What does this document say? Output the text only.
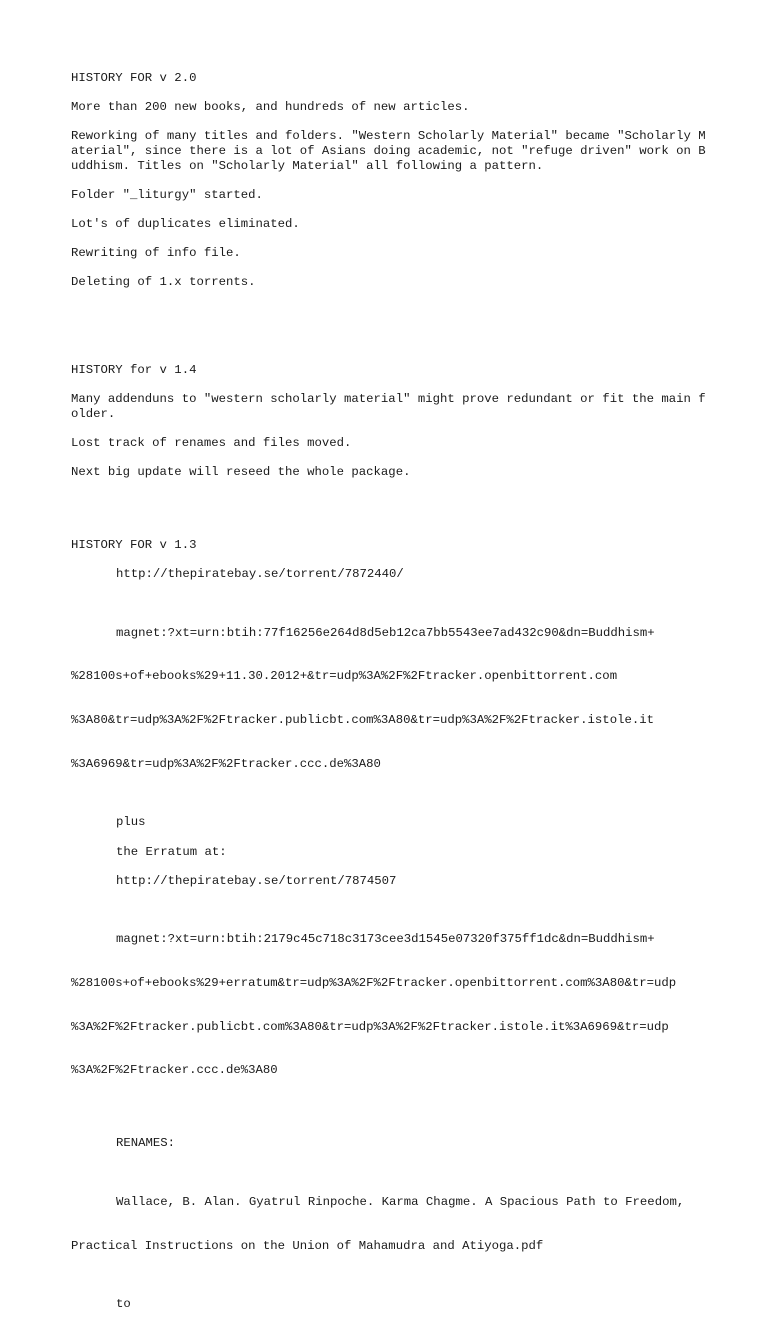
HISTORY FOR v 2.0

More than 200 new books, and hundreds of new articles.

Reworking of many titles and folders. "Western Scholarly Material" became "Scholarly Material", since there is a lot of Asians doing academic, not "refuge driven" work on Buddhism. Titles on "Scholarly Material" all following a pattern.

Folder "_liturgy" started.

Lot's of duplicates eliminated.

Rewriting of info file.

Deleting of 1.x torrents.

HISTORY for v 1.4

Many addenduns to "western scholarly material" might prove redundant or fit the main folder.

Lost track of renames and files moved.

Next big update will reseed the whole package.

HISTORY FOR v 1.3

http://thepiratebay.se/torrent/7872440/

magnet:?xt=urn:btih:77f16256e264d8d5eb12ca7bb5543ee7ad432c90&dn=Buddhism+

%28100s+of+ebooks%29+11.30.2012+&tr=udp%3A%2F%2Ftracker.openbittorrent.com

%3A80&tr=udp%3A%2F%2Ftracker.publicbt.com%3A80&tr=udp%3A%2F%2Ftracker.istole.it

%3A6969&tr=udp%3A%2F%2Ftracker.ccc.de%3A80

plus

the Erratum at:

http://thepiratebay.se/torrent/7874507

magnet:?xt=urn:btih:2179c45c718c3173cee3d1545e07320f375ff1dc&dn=Buddhism+

%28100s+of+ebooks%29+erratum&tr=udp%3A%2F%2Ftracker.openbittorrent.com%3A80&tr=udp

%3A%2F%2Ftracker.publicbt.com%3A80&tr=udp%3A%2F%2Ftracker.istole.it%3A6969&tr=udp

%3A%2F%2Ftracker.ccc.de%3A80

RENAMES:

Wallace, B. Alan. Gyatrul Rinpoche. Karma Chagme. A Spacious Path to Freedom,

Practical Instructions on the Union of Mahamudra and Atiyoga.pdf

to
